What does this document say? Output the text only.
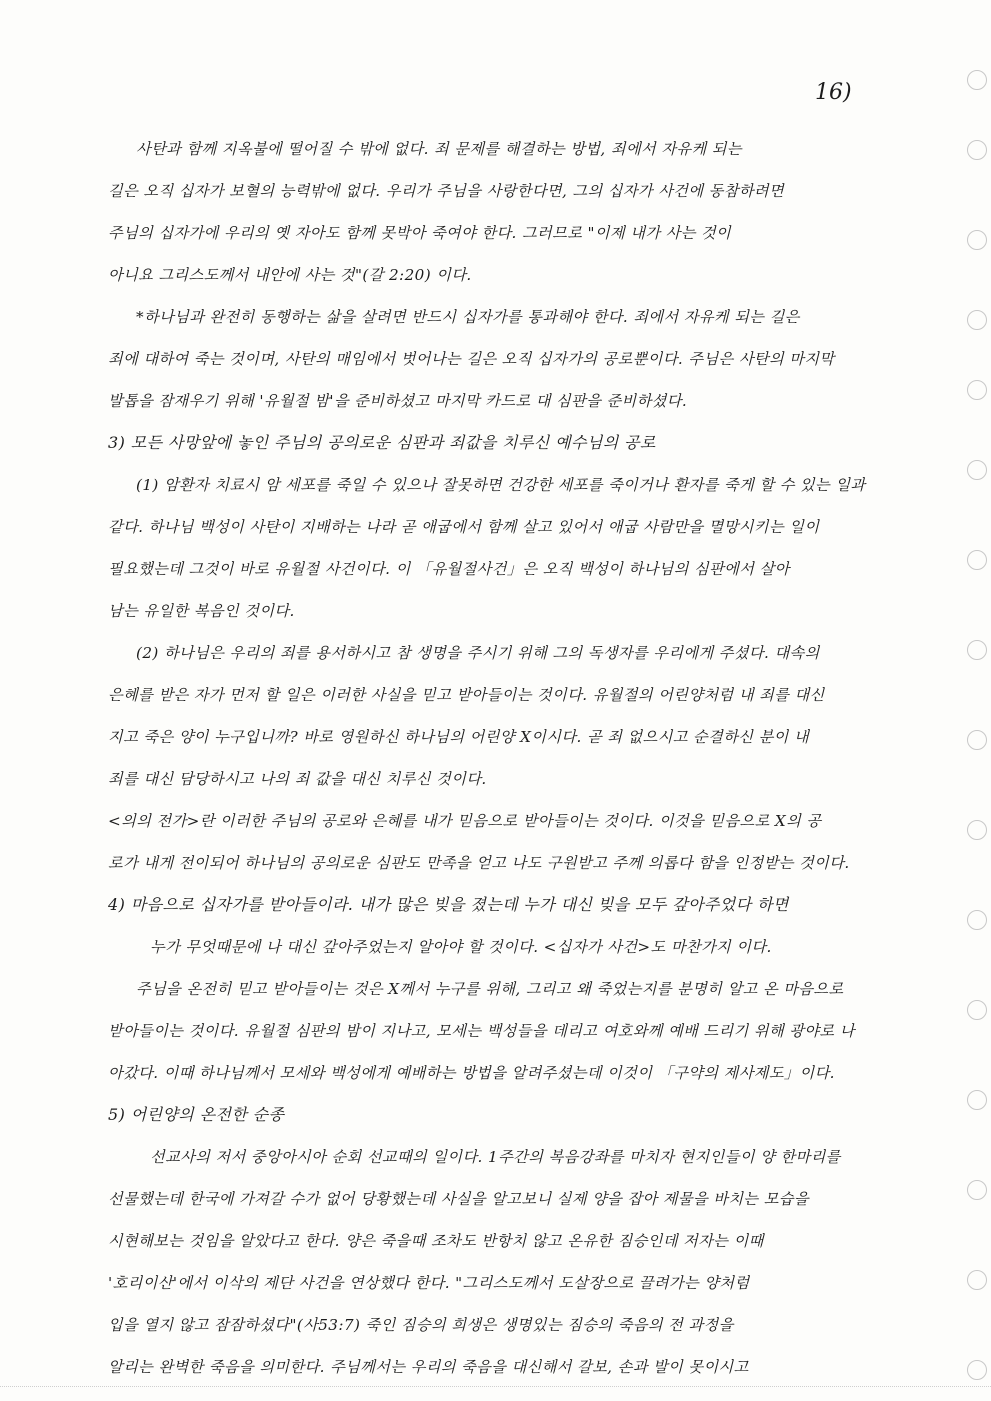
16)
사탄과 함께 지옥불에 떨어질 수 밖에 없다. 죄 문제를 해결하는 방법, 죄에서 자유케 되는
길은 오직 십자가 보혈의 능력밖에 없다. 우리가 주님을 사랑한다면, 그의 십자가 사건에 동참하려면
주님의 십자가에 우리의 옛 자아도 함께 못박아 죽여야 한다. 그러므로 "이제 내가 사는 것이
아니요 그리스도께서 내안에 사는 것"(갈 2:20) 이다.
*하나님과 완전히 동행하는 삶을 살려면 반드시 십자가를 통과해야 한다. 죄에서 자유케 되는 길은
죄에 대하여 죽는 것이며, 사탄의 매임에서 벗어나는 길은 오직 십자가의 공로뿐이다. 주님은 사탄의 마지막
발톱을 잠재우기 위해 '유월절 밤'을 준비하셨고 마지막 카드로 대 심판을 준비하셨다.
3) 모든 사망앞에 놓인 주님의 공의로운 심판과 죄값을 치루신 예수님의 공로
(1) 암환자 치료시 암 세포를 죽일 수 있으나 잘못하면 건강한 세포를 죽이거나 환자를 죽게 할 수 있는 일과
같다. 하나님 백성이 사탄이 지배하는 나라 곧 애굽에서 함께 살고 있어서 애굽 사람만을 멸망시키는 일이
필요했는데 그것이 바로 유월절 사건이다. 이 「유월절사건」은 오직 백성이 하나님의 심판에서 살아
남는 유일한 복음인 것이다.
(2) 하나님은 우리의 죄를 용서하시고 참 생명을 주시기 위해 그의 독생자를 우리에게 주셨다. 대속의
은혜를 받은 자가 먼저 할 일은 이러한 사실을 믿고 받아들이는 것이다. 유월절의 어린양처럼 내 죄를 대신
지고 죽은 양이 누구입니까? 바로 영원하신 하나님의 어린양 X이시다. 곧 죄 없으시고 순결하신 분이 내
죄를 대신 담당하시고 나의 죄 값을 대신 치루신 것이다.
<의의 전가>란 이러한 주님의 공로와 은혜를 내가 믿음으로 받아들이는 것이다. 이것을 믿음으로 X의 공
로가 내게 전이되어 하나님의 공의로운 심판도 만족을 얻고 나도 구원받고 주께 의롭다 함을 인정받는 것이다.
4) 마음으로 십자가를 받아들이라. 내가 많은 빚을 졌는데 누가 대신 빚을 모두 갚아주었다 하면
누가 무엇때문에 나 대신 갚아주었는지 알아야 할 것이다. <십자가 사건>도 마찬가지 이다.
주님을 온전히 믿고 받아들이는 것은 X께서 누구를 위해, 그리고 왜 죽었는지를 분명히 알고 온 마음으로
받아들이는 것이다. 유월절 심판의 밤이 지나고, 모세는 백성들을 데리고 여호와께 예배 드리기 위해 광야로 나
아갔다. 이때 하나님께서 모세와 백성에게 예배하는 방법을 알려주셨는데 이것이 「구약의 제사제도」이다.
5) 어린양의 온전한 순종
선교사의 저서 중앙아시아 순회 선교때의 일이다. 1주간의 복음강좌를 마치자 현지인들이 양 한마리를
선물했는데 한국에 가져갈 수가 없어 당황했는데 사실을 알고보니 실제 양을 잡아 제물을 바치는 모습을
시현해보는 것임을 알았다고 한다. 양은 죽을때 조차도 반항치 않고 온유한 짐승인데 저자는 이때
'호리이산'에서 이삭의 제단 사건을 연상했다 한다. "그리스도께서 도살장으로 끌려가는 양처럼
입을 열지 않고 잠잠하셨다"(사53:7) 죽인 짐승의 희생은 생명있는 짐승의 죽음의 전 과정을
알리는 완벽한 죽음을 의미한다. 주님께서는 우리의 죽음을 대신해서 갈보, 손과 발이 못이시고
